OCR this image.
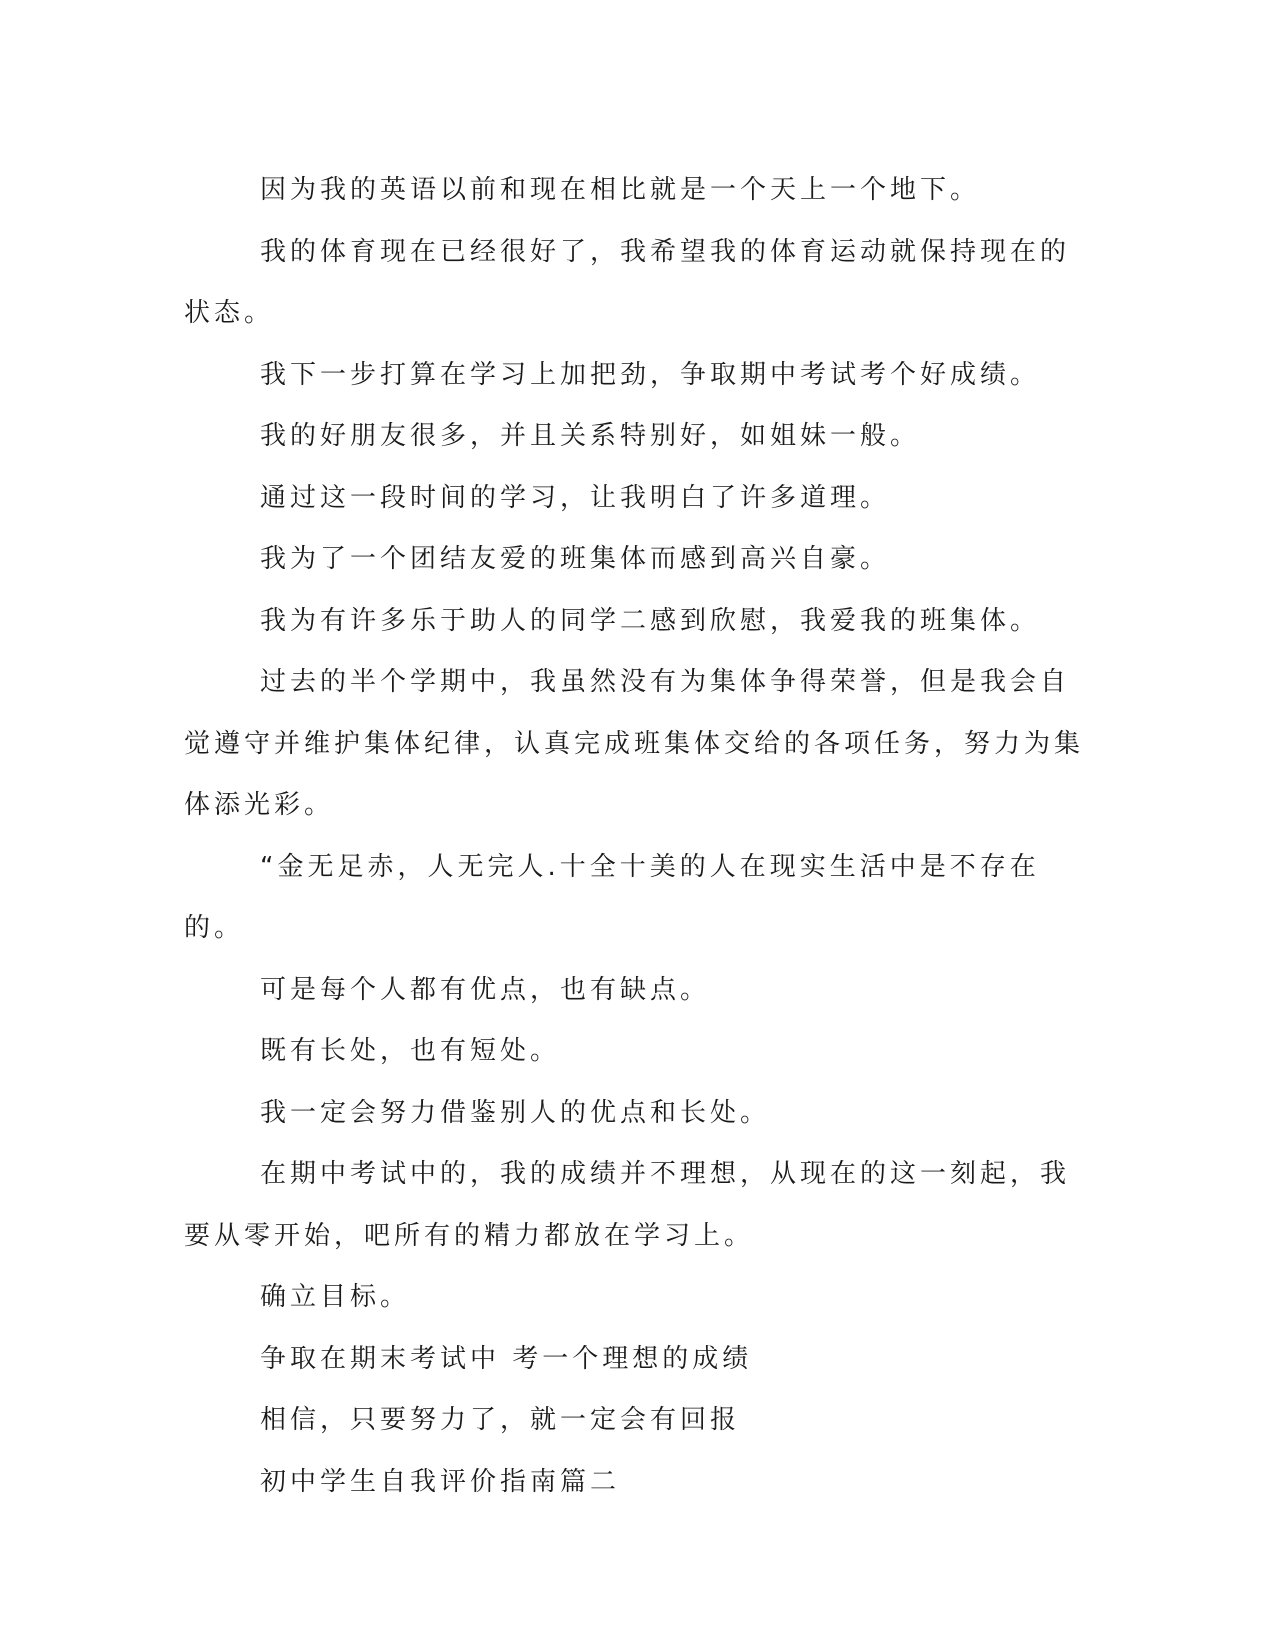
因为我的英语以前和现在相比就是一个天上一个地下。

我的体育现在已经很好了，我希望我的体育运动就保持现在的状态。

我下一步打算在学习上加把劲，争取期中考试考个好成绩。

我的好朋友很多，并且关系特别好，如姐妹一般。

通过这一段时间的学习，让我明白了许多道理。

我为了一个团结友爱的班集体而感到高兴自豪。

我为有许多乐于助人的同学二感到欣慰，我爱我的班集体。

过去的半个学期中，我虽然没有为集体争得荣誉，但是我会自觉遵守并维护集体纪律，认真完成班集体交给的各项任务，努力为集体添光彩。

“金无足赤，人无完人.十全十美的人在现实生活中是不存在的。

可是每个人都有优点，也有缺点。

既有长处，也有短处。

我一定会努力借鉴别人的优点和长处。

在期中考试中的，我的成绩并不理想，从现在的这一刻起，我要从零开始，吧所有的精力都放在学习上。

确立目标。

争取在期末考试中 考一个理想的成绩

相信，只要努力了，就一定会有回报

初中学生自我评价指南篇二
